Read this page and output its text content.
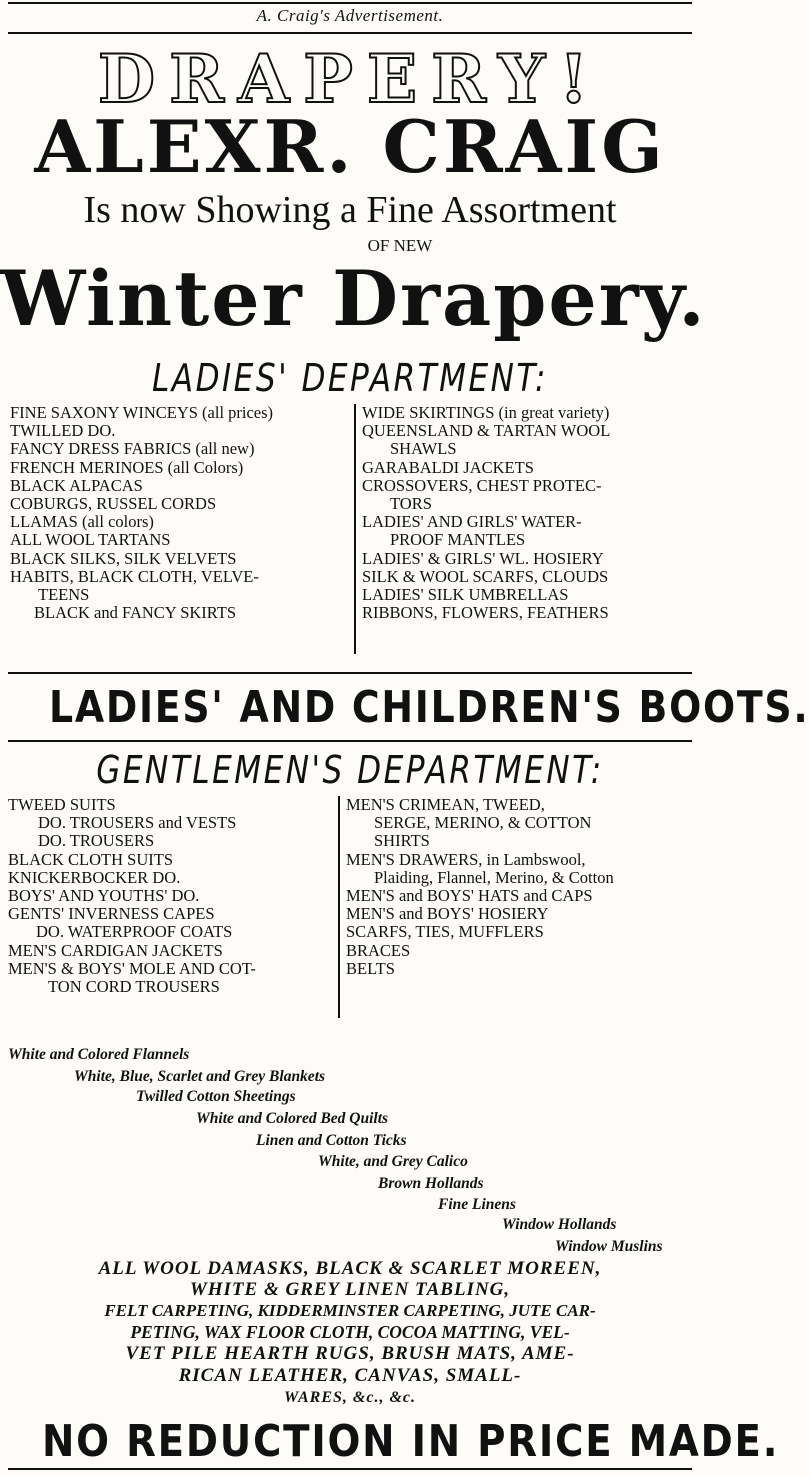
A. Craig's Advertisement.
DRAPERY!
ALEXR. CRAIG
Is now Showing a Fine Assortment
OF NEW
Winter Drapery.
LADIES' DEPARTMENT:
FINE SAXONY WINCEYS (all prices)
TWILLED DO.
FANCY DRESS FABRICS (all new)
FRENCH MERINOES (all Colors)
BLACK ALPACAS
COBURGS, RUSSEL CORDS
LLAMAS (all colors)
ALL WOOL TARTANS
BLACK SILKS, SILK VELVETS
HABITS, BLACK CLOTH, VELVE-
TEENS
BLACK and FANCY SKIRTS
WIDE SKIRTINGS (in great variety)
QUEENSLAND & TARTAN WOOL
SHAWLS
GARABALDI JACKETS
CROSSOVERS, CHEST PROTEC-
TORS
LADIES' AND GIRLS' WATER-
PROOF MANTLES
LADIES' & GIRLS' WL. HOSIERY
SILK & WOOL SCARFS, CLOUDS
LADIES' SILK UMBRELLAS
RIBBONS, FLOWERS, FEATHERS
LADIES' AND CHILDREN'S BOOTS.
GENTLEMEN'S DEPARTMENT:
TWEED SUITS
DO. TROUSERS and VESTS
DO. TROUSERS
BLACK CLOTH SUITS
KNICKERBOCKER DO.
BOYS' AND YOUTHS' DO.
GENTS' INVERNESS CAPES
DO. WATERPROOF COATS
MEN'S CARDIGAN JACKETS
MEN'S & BOYS' MOLE AND COT-
TON CORD TROUSERS
MEN'S CRIMEAN, TWEED,
SERGE, MERINO, & COTTON
SHIRTS
MEN'S DRAWERS, in Lambswool,
Plaiding, Flannel, Merino, & Cotton
MEN'S and BOYS' HATS and CAPS
MEN'S and BOYS' HOSIERY
SCARFS, TIES, MUFFLERS
BRACES
BELTS
White and Colored Flannels
White, Blue, Scarlet and Grey Blankets
Twilled Cotton Sheetings
White and Colored Bed Quilts
Linen and Cotton Ticks
White, and Grey Calico
Brown Hollands
Fine Linens
Window Hollands
Window Muslins
ALL WOOL DAMASKS, BLACK & SCARLET MOREEN,
WHITE & GREY LINEN TABLING,
FELT CARPETING, KIDDERMINSTER CARPETING, JUTE CAR-
PETING, WAX FLOOR CLOTH, COCOA MATTING, VEL-
VET PILE HEARTH RUGS, BRUSH MATS, AME-
RICAN LEATHER, CANVAS, SMALL-
WARES, &c., &c.
NO REDUCTION IN PRICE MADE.
